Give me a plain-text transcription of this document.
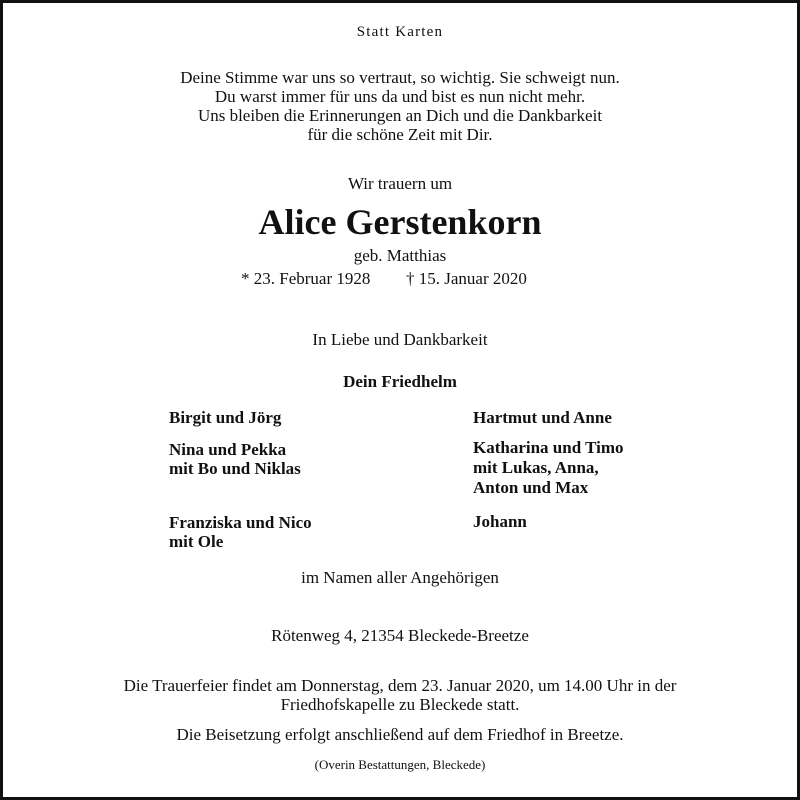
Statt Karten
Deine Stimme war uns so vertraut, so wichtig. Sie schweigt nun.
Du warst immer für uns da und bist es nun nicht mehr.
Uns bleiben die Erinnerungen an Dich und die Dankbarkeit
für die schöne Zeit mit Dir.
Wir trauern um
Alice Gerstenkorn
geb. Matthias
* 23. Februar 1928 † 15. Januar 2020
In Liebe und Dankbarkeit
Dein Friedhelm
Birgit und Jörg
Nina und Pekka
mit Bo und Niklas
Franziska und Nico
mit Ole
Hartmut und Anne
Katharina und Timo
mit Lukas, Anna,
Anton und Max
Johann
im Namen aller Angehörigen
Rötenweg 4, 21354 Bleckede-Breetze
Die Trauerfeier findet am Donnerstag, dem 23. Januar 2020, um 14.00 Uhr in der
Friedhofskapelle zu Bleckede statt.
Die Beisetzung erfolgt anschließend auf dem Friedhof in Breetze.
(Overin Bestattungen, Bleckede)
